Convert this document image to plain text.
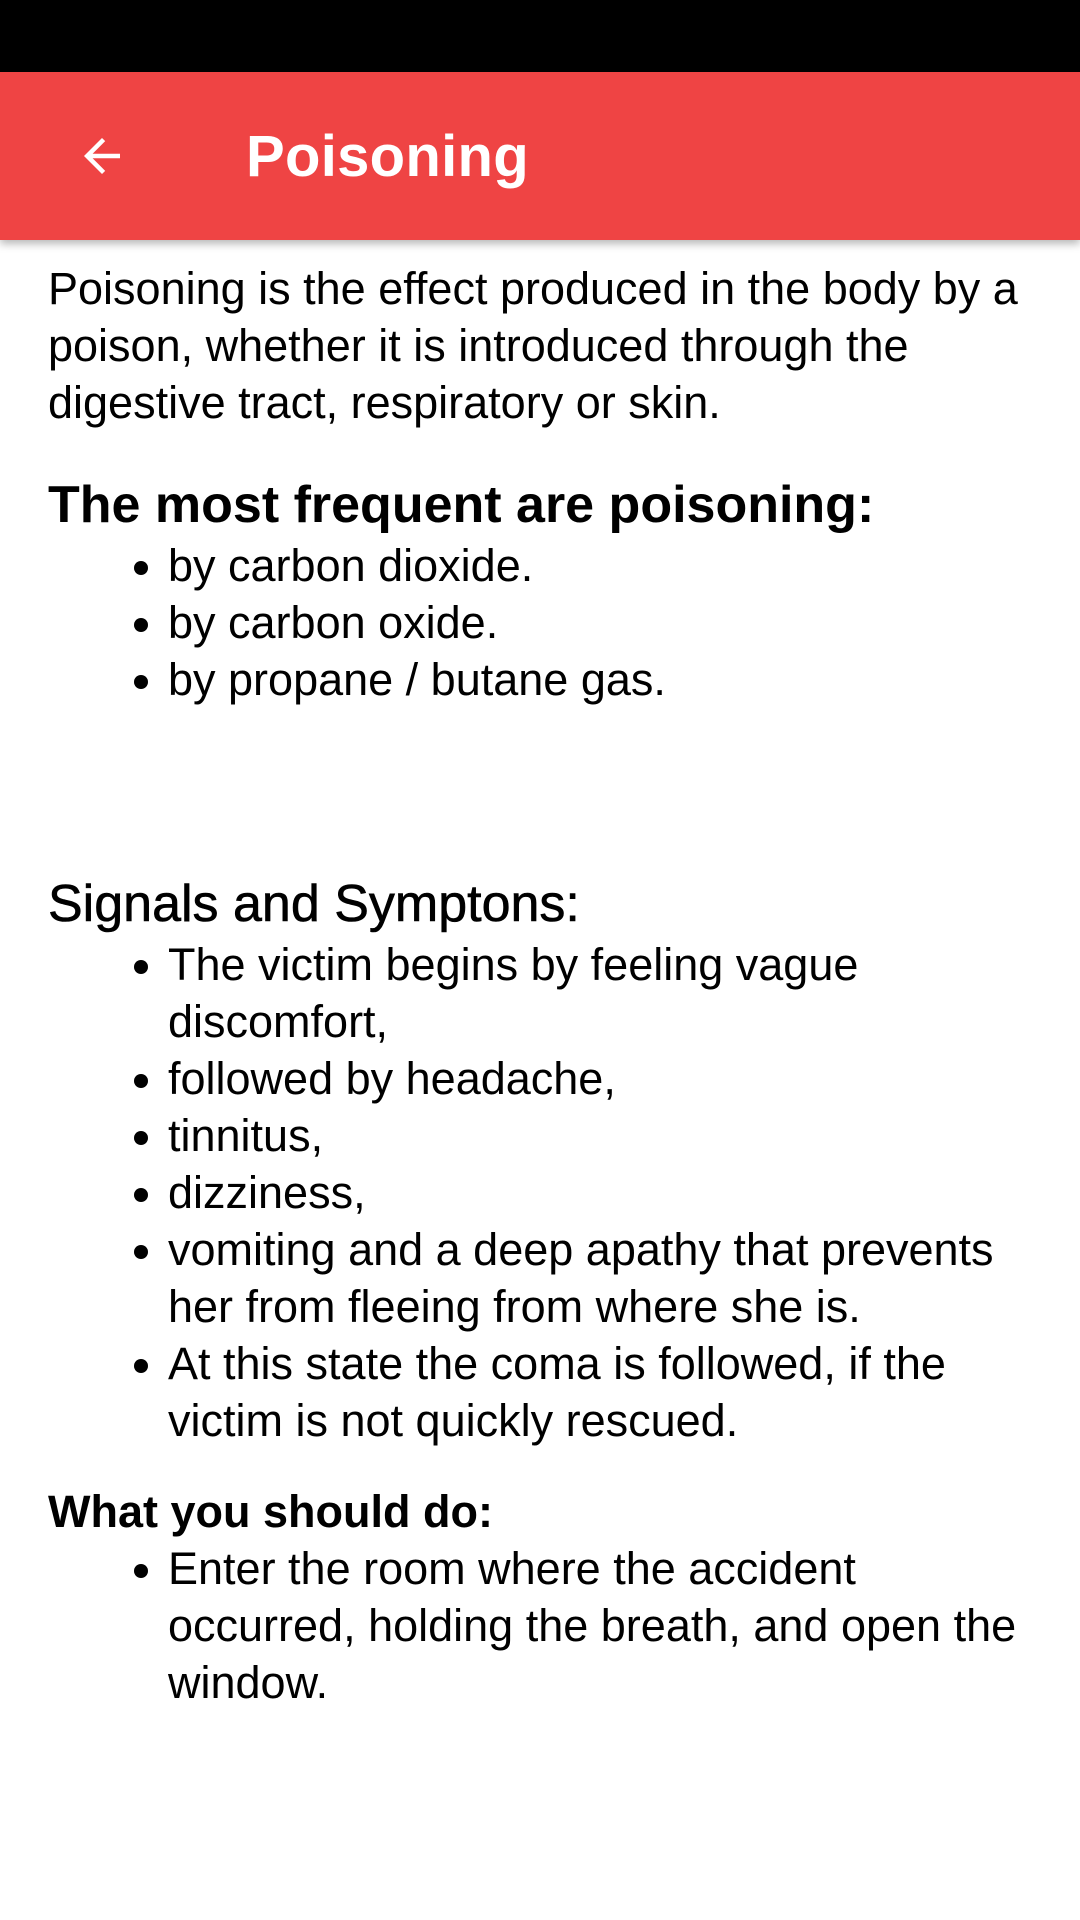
Poisoning

Poisoning is the effect produced in the body by a poison, whether it is introduced through the digestive tract, respiratory or skin.

The most frequent are poisoning:
• by carbon dioxide.
• by carbon oxide.
• by propane / butane gas.
Signals and Symptons:
• The victim begins by feeling vague discomfort,
• followed by headache,
• tinnitus,
• dizziness,
• vomiting and a deep apathy that prevents her from fleeing from where she is.
• At this state the coma is followed, if the victim is not quickly rescued.
What you should do:
• Enter the room where the accident occurred, holding the breath, and open the window.
